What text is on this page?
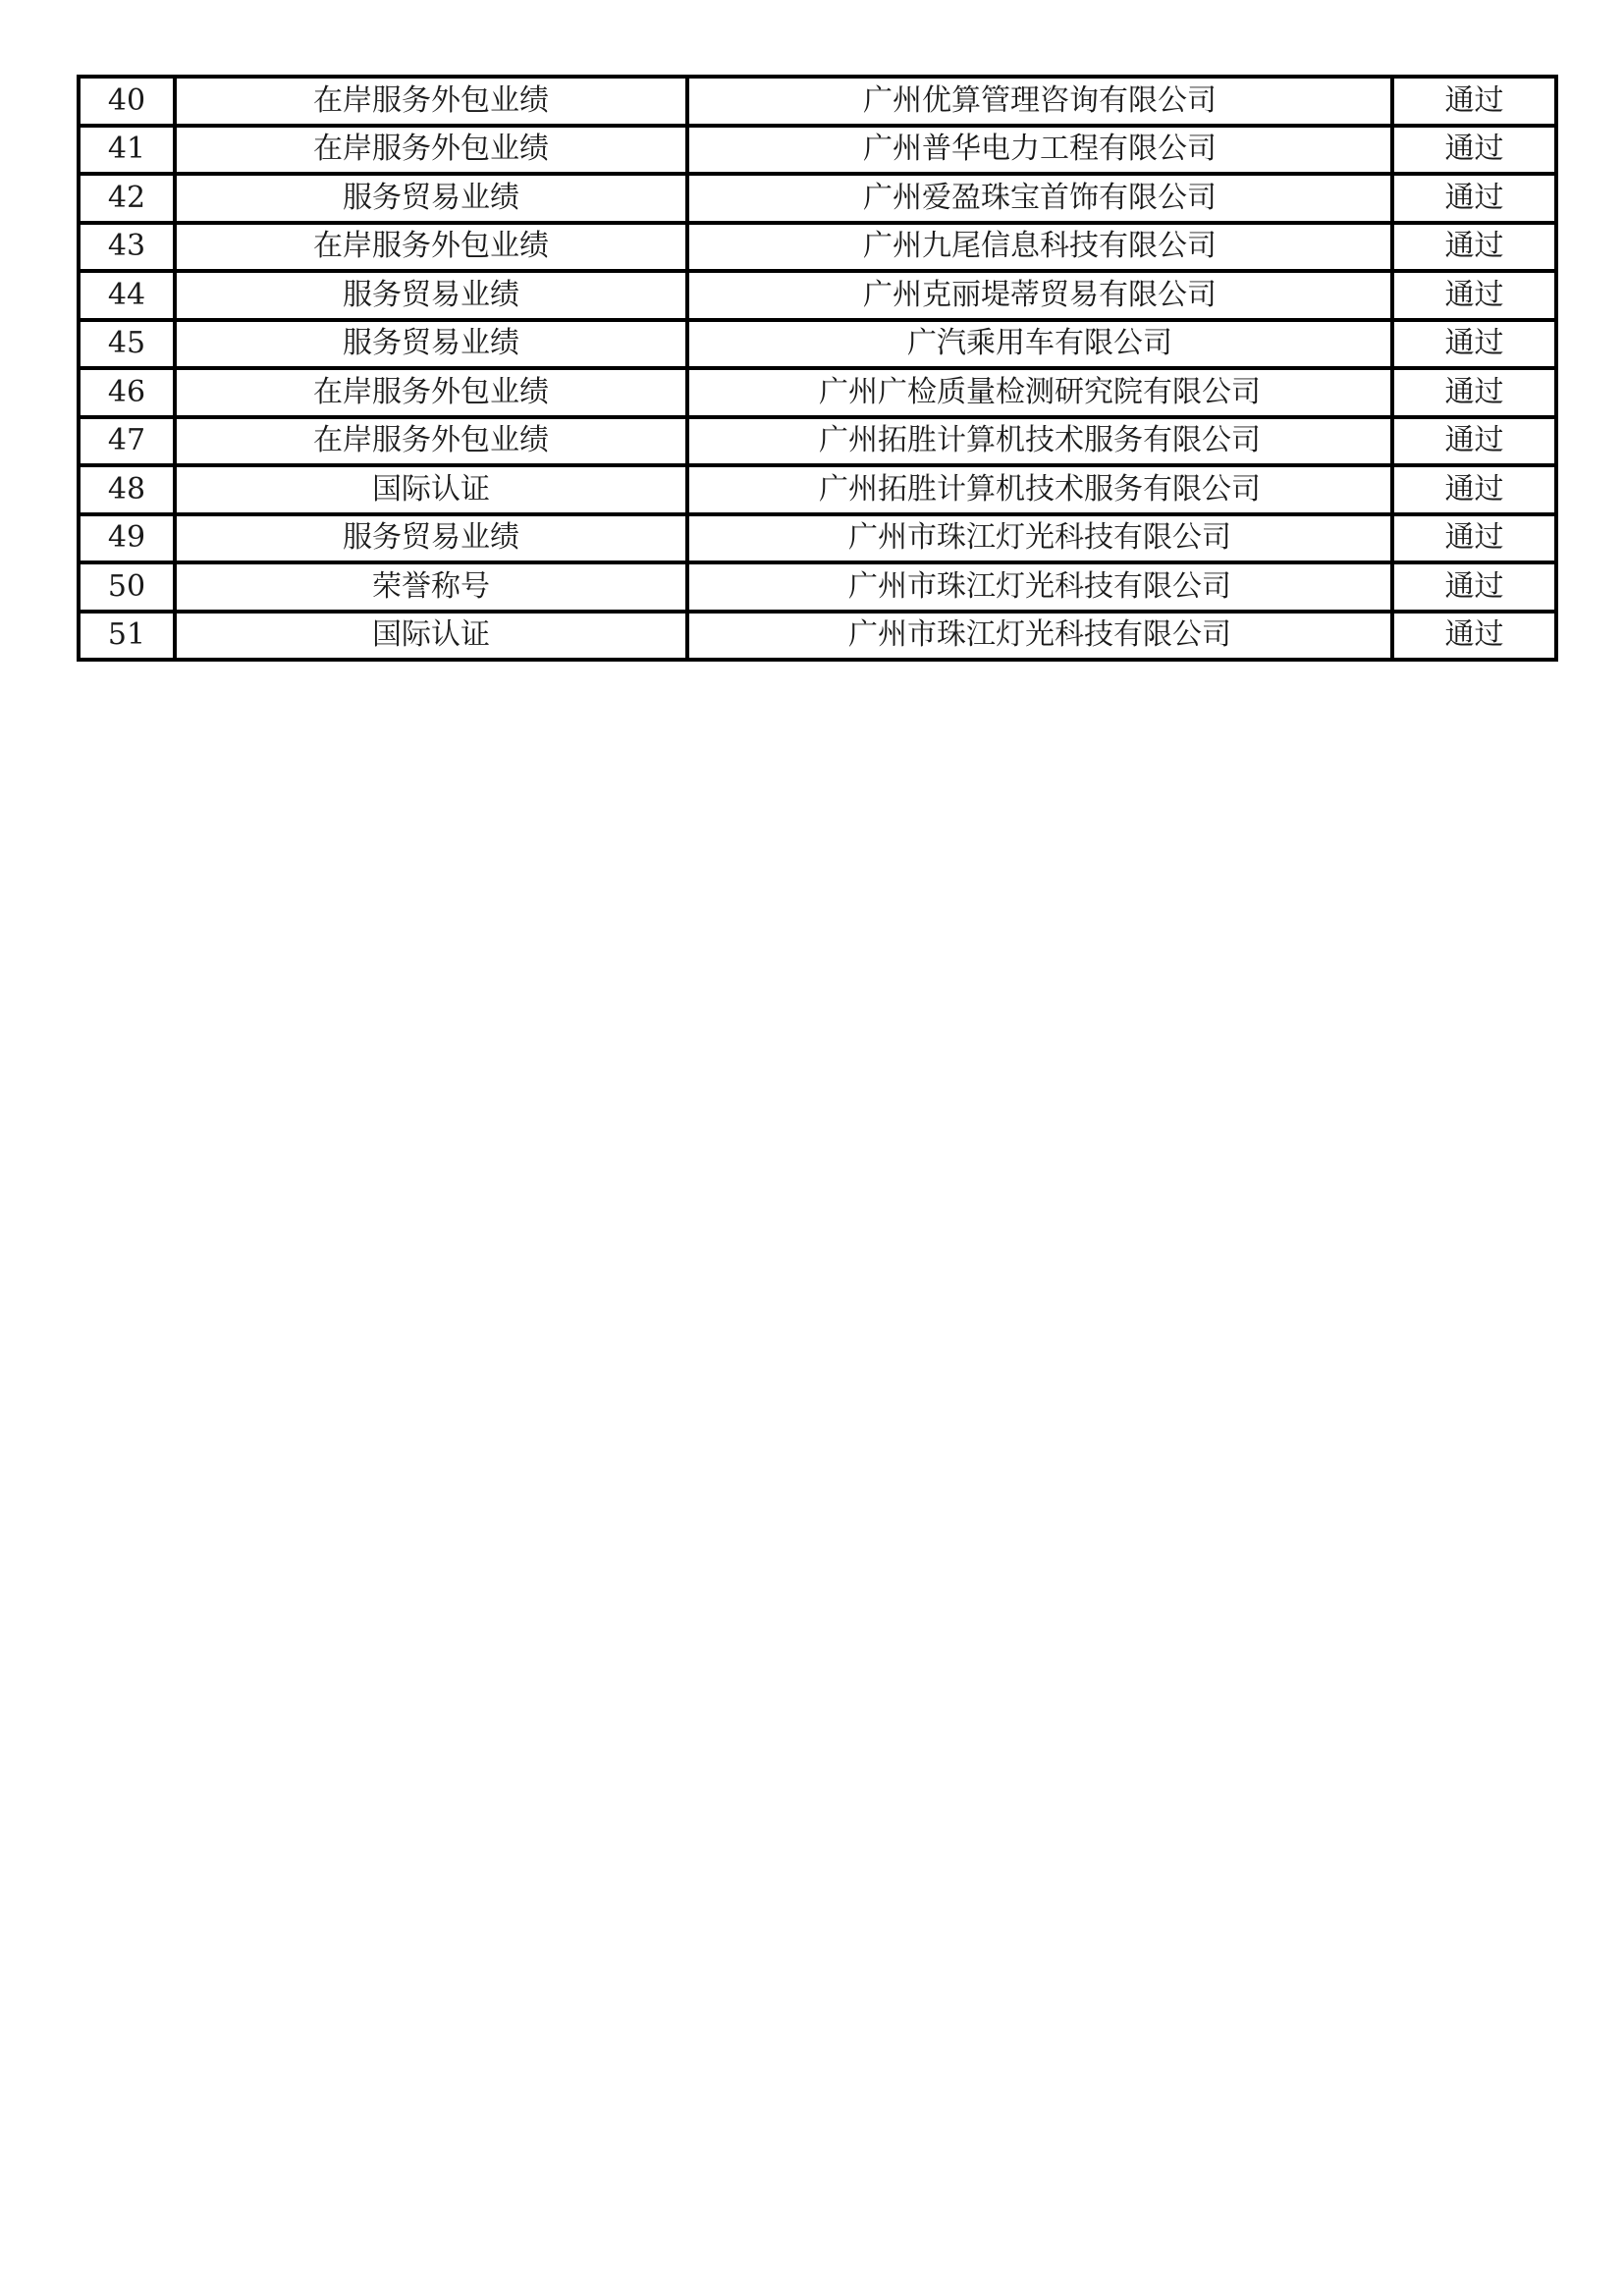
40	在岸服务外包业绩	广州优算管理咨询有限公司	通过
41	在岸服务外包业绩	广州普华电力工程有限公司	通过
42	服务贸易业绩	广州爱盈珠宝首饰有限公司	通过
43	在岸服务外包业绩	广州九尾信息科技有限公司	通过
44	服务贸易业绩	广州克丽堤蒂贸易有限公司	通过
45	服务贸易业绩	广汽乘用车有限公司	通过
46	在岸服务外包业绩	广州广检质量检测研究院有限公司	通过
47	在岸服务外包业绩	广州拓胜计算机技术服务有限公司	通过
48	国际认证	广州拓胜计算机技术服务有限公司	通过
49	服务贸易业绩	广州市珠江灯光科技有限公司	通过
50	荣誉称号	广州市珠江灯光科技有限公司	通过
51	国际认证	广州市珠江灯光科技有限公司	通过
